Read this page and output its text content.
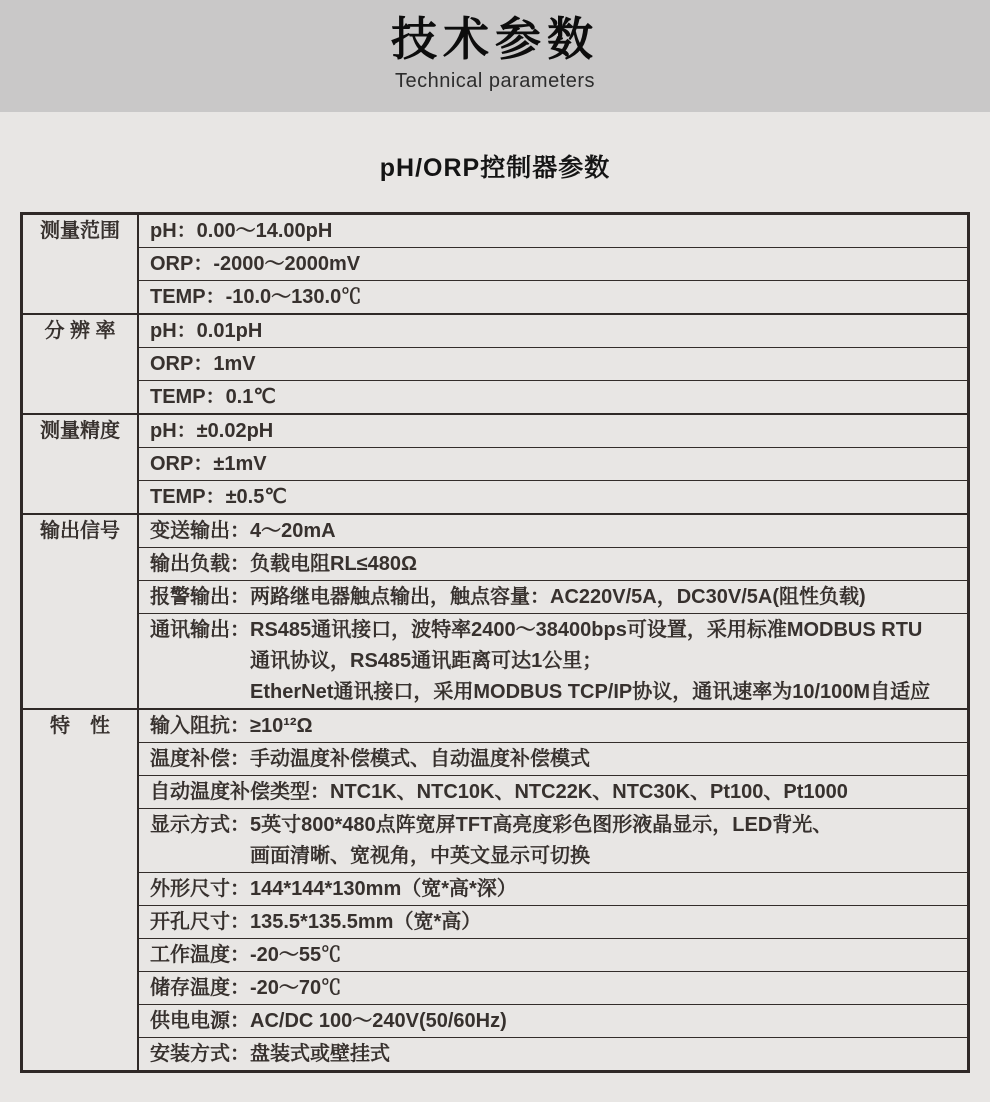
技术参数
Technical parameters
pH/ORP控制器参数
测量范围	pH： 0.00～14.00pH
ORP： -2000～2000mV
TEMP： -10.0～130.0℃
分 辨 率	pH： 0.01pH
ORP： 1mV
TEMP： 0.1℃
测量精度	pH： ±0.02pH
ORP： ±1mV
TEMP： ±0.5℃
输出信号	变送输出： 4～20mA
输出负载： 负载电阻RL≤480Ω
报警输出： 两路继电器触点输出，触点容量：AC220V/5A，DC30V/5A(阻性负载)
通讯输出： RS485通讯接口，波特率2400～38400bps可设置，采用标准MODBUS RTU
通讯协议，RS485通讯距离可达1公里；
EtherNet通讯接口，采用MODBUS TCP/IP协议，通讯速率为10/100M自适应
特　性	输入阻抗： ≥10¹²Ω
温度补偿： 手动温度补偿模式、自动温度补偿模式
自动温度补偿类型： NTC1K、NTC10K、NTC22K、NTC30K、Pt100、Pt1000
显示方式： 5英寸800*480点阵宽屏TFT高亮度彩色图形液晶显示，LED背光、
画面清晰、宽视角，中英文显示可切换
外形尺寸： 144*144*130mm（宽*高*深）
开孔尺寸： 135.5*135.5mm（宽*高）
工作温度： -20～55℃
储存温度： -20～70℃
供电电源： AC/DC 100～240V(50/60Hz)
安装方式： 盘装式或壁挂式
